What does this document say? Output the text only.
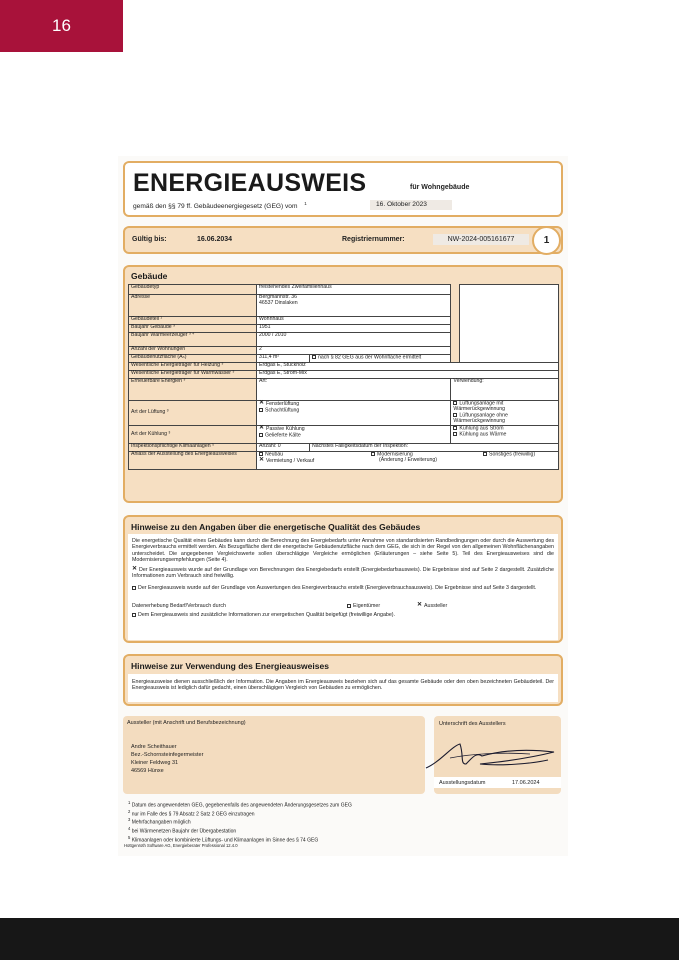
16
ENERGIEAUSWEIS	für Wohngebäude
gemäß den §§ 79 ff. Gebäudeenergiegesetz (GEG) vom $^1$	16. Oktober 2023
Gültig bis:	16.06.2034	Registriernummer:	NW-2024-005161677	1
Gebäude
Gebäudetyp	freistehendes Zweifamilienhaus		
Adresse	Bergmannstr. 36
46537 Dinslaken		
Gebäudeteil ¹	Wohnhaus		
Baujahr Gebäude ³	1951		
Baujahr Wärmeerzeuger ³ ⁴	2000 / 2010		
Anzahl der Wohnungen	2		
Gebäudenutzfläche (Aₙ)	311,4 m²	nach § 82 GEG aus der Wohnfläche ermittelt	
Wesentliche Energieträger für Heizung ³	Erdgas E, Stückholz		
Wesentliche Energieträger für Warmwasser ³	Erdgas E, Strom-Mix		
Erneuerbare Energien ³	Art:		Verwendung:
Art der Lüftung ³	✕ Fensterlüftung
Schachtlüftung		Lüftungsanlage mit Wärmerückgewinnung
Lüftungsanlage ohne Wärmerückgewinnung
Art der Kühlung ³	✕ Passive Kühlung
Gelieferte Kälte		Kühlung aus Strom
Kühlung aus Wärme
Inspektionspflichtige Klimaanlagen ⁵	Anzahl: 0	Nächstes Fälligkeitsdatum der Inspektion:	
Anlass der Ausstellung des Energieausweises	Neubau
✕ Vermietung / Verkauf
Modernisierung
(Änderung / Erweiterung)
Sonstiges (freiwillig)		
Hinweise zu den Angaben über die energetische Qualität des Gebäudes
Die energetische Qualität eines Gebäudes kann durch die Berechnung des Energiebedarfs unter Annahme von standardisierten Randbedingungen oder durch die Auswertung des Energieverbrauchs ermittelt werden. Als Bezugsfläche dient die energetische Gebäudenutzfläche nach dem GEG, die sich in der Regel von den allgemeinen Wohnflächenangaben unterscheidet. Die angegebenen Vergleichswerte sollen überschlägige Vergleiche ermöglichen (Erläuterungen – siehe Seite 5). Teil des Energieausweises sind die Modernisierungsempfehlungen (Seite 4).
✕ Der Energieausweis wurde auf der Grundlage von Berechnungen des Energiebedarfs erstellt (Energiebedarfsausweis). Die Ergebnisse sind auf Seite 2 dargestellt. Zusätzliche Informationen zum Verbrauch sind freiwillig.
Der Energieausweis wurde auf der Grundlage von Auswertungen des Energieverbrauchs erstellt (Energieverbrauchsausweis). Die Ergebnisse sind auf Seite 3 dargestellt.
Datenerhebung Bedarf/Verbrauch durch	Eigentümer	✕ Aussteller
Dem Energieausweis sind zusätzliche Informationen zur energetischen Qualität beigefügt (freiwillige Angabe).
Hinweise zur Verwendung des Energieausweises
Energieausweise dienen ausschließlich der Information. Die Angaben im Energieausweis beziehen sich auf das gesamte Gebäude oder den oben bezeichneten Gebäudeteil. Der Energieausweis ist lediglich dafür gedacht, einen überschlägigen Vergleich von Gebäuden zu ermöglichen.
Aussteller (mit Anschrift und Berufsbezeichnung)
Andre Scheithauer
Bez.-Schornsteinfegermeister
Kleiner Feldweg 31
46569 Hünxe
Unterschrift des Ausstellers
Ausstellungsdatum	17.06.2024
$^1$ Datum des angewendeten GEG, gegebenenfalls des angewendeten Änderungsgesetzes zum GEG
$^2$ nur im Falle des § 79 Absatz 2 Satz 2 GEG einzutragen
$^3$ Mehrfachangaben möglich
$^4$ bei Wärmenetzen Baujahr der Übergabestation
$^5$ Klimaanlagen oder kombinierte Lüftungs- und Klimaanlagen im Sinne des § 74 GEG
Hottgenroth Software AG, Energieberater Professional 12.4.0
